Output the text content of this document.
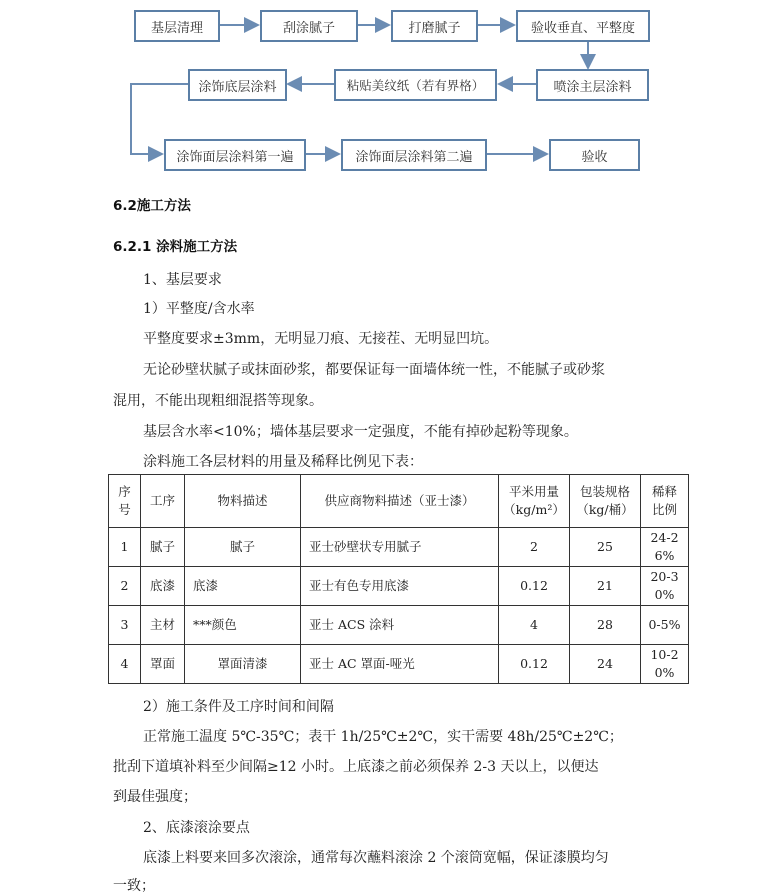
基层清理	刮涂腻子	打磨腻子	验收垂直、平整度
涂饰底层涂料	粘贴美纹纸（若有界格）	喷涂主层涂料
涂饰面层涂料第一遍	涂饰面层涂料第二遍	验收
6.2施工方法
6.2.1 涂料施工方法
1、基层要求
1）平整度/含水率
平整度要求±3mm，无明显刀痕、无接茬、无明显凹坑。
无论砂壁状腻子或抹面砂浆，都要保证每一面墙体统一性，不能腻子或砂浆
混用，不能出现粗细混搭等现象。
基层含水率<10%；墙体基层要求一定强度，不能有掉砂起粉等现象。
涂料施工各层材料的用量及稀释比例见下表：
序号	工序	物料描述	供应商物料描述（亚士漆）	平米用量（kg/m²）	包装规格（kg/桶）	稀释比例
1	腻子	腻子	亚士砂壁状专用腻子	2	25	24-26%
2	底漆	底漆	亚士有色专用底漆	0.12	21	20-30%
3	主材	***颜色	亚士 ACS 涂料	4	28	0-5%
4	罩面	罩面清漆	亚士 AC 罩面-哑光	0.12	24	10-20%
2）施工条件及工序时间和间隔
正常施工温度 5℃-35℃；表干 1h/25℃±2℃，实干需要 48h/25℃±2℃；
批刮下道填补料至少间隔≥12 小时。上底漆之前必须保养 2-3 天以上，以便达
到最佳强度；
2、底漆滚涂要点
底漆上料要来回多次滚涂，通常每次蘸料滚涂 2 个滚筒宽幅，保证漆膜均匀
一致；
